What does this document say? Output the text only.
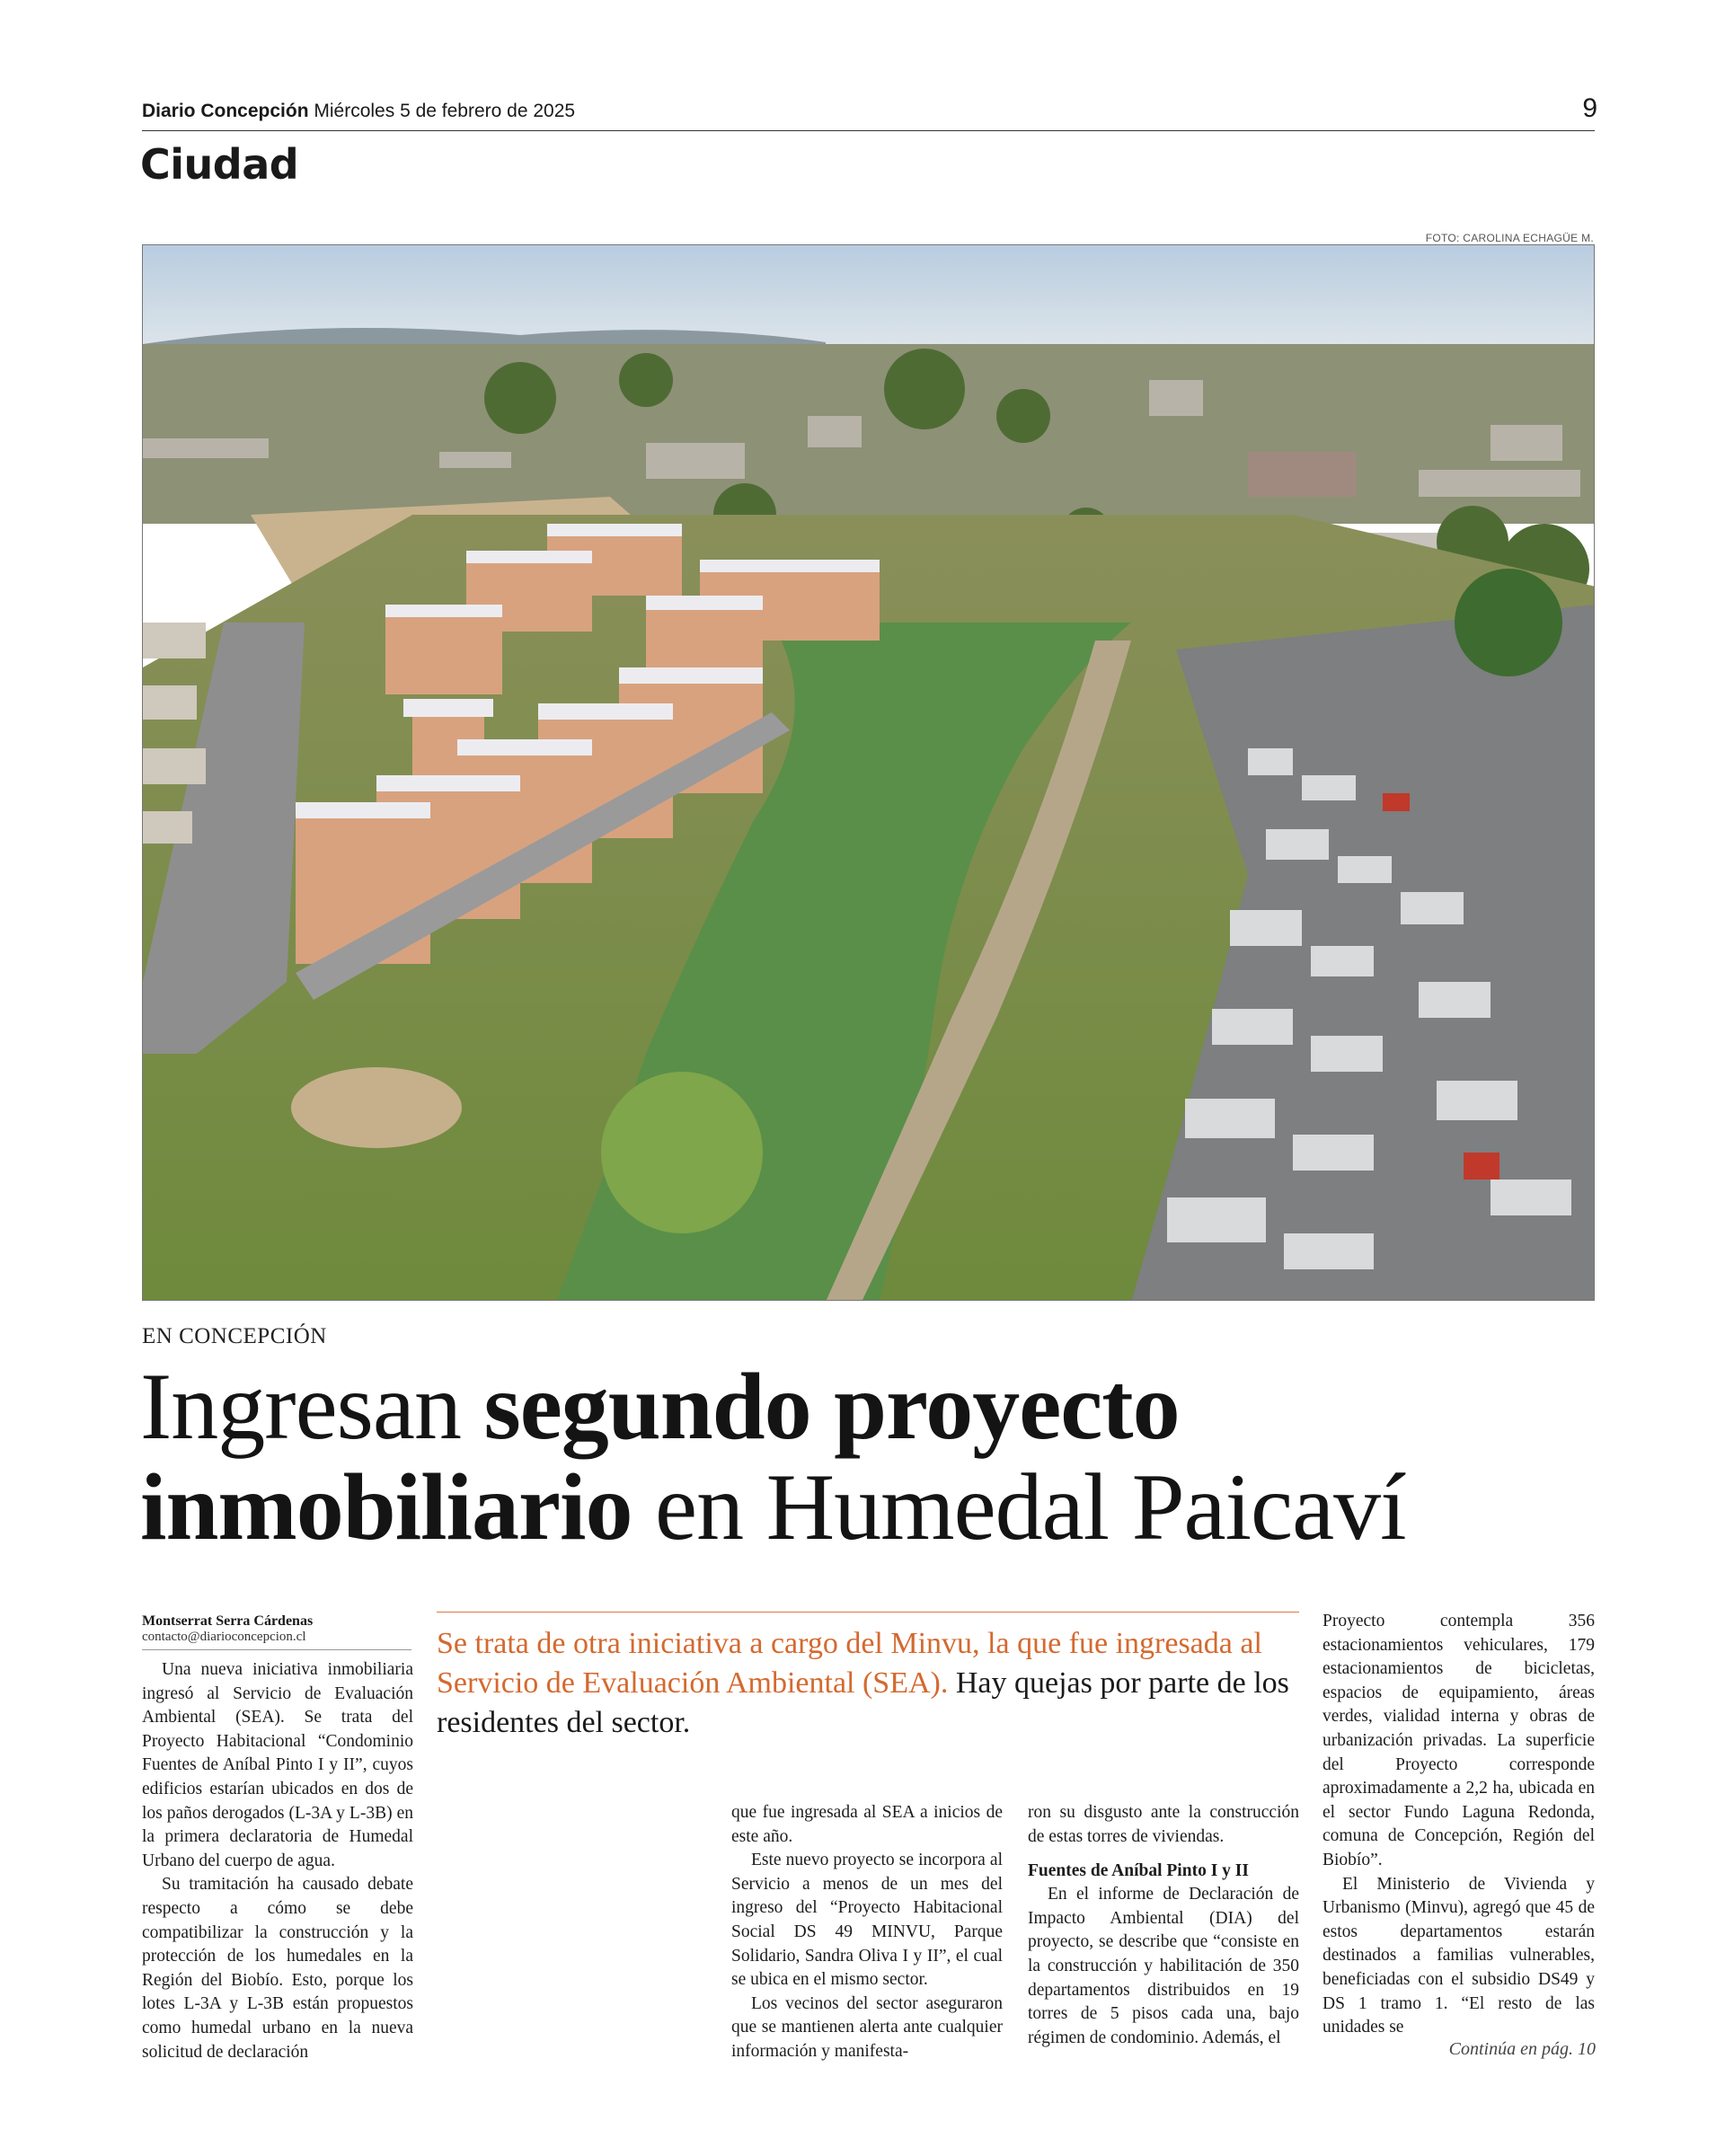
Diario Concepción Miércoles 5 de febrero de 2025	9
Ciudad
FOTO: CAROLINA ECHAGÜE M.
EN CONCEPCIÓN
Ingresan segundo proyecto
inmobiliario en Humedal Paicaví
Montserrat Serra Cárdenas
contacto@diarioconcepcion.cl

Una nueva iniciativa inmobiliaria ingresó al Servicio de Evaluación Ambiental (SEA). Se trata del Proyecto Habitacional “Condominio Fuentes de Aníbal Pinto I y II”, cuyos edificios estarían ubicados en dos de los paños derogados (L-3A y L-3B) en la primera declaratoria de Humedal Urbano del cuerpo de agua.

Su tramitación ha causado debate respecto a cómo se debe compatibilizar la construcción y la protección de los humedales en la Región del Biobío. Esto, porque los lotes L-3A y L-3B están propuestos como humedal urbano en la nueva solicitud de declaración

Se trata de otra iniciativa a cargo del Minvu, la que fue ingresada al Servicio de Evaluación Ambiental (SEA). Hay quejas por parte de los residentes del sector.

que fue ingresada al SEA a inicios de este año.

Este nuevo proyecto se incorpora al Servicio a menos de un mes del ingreso del “Proyecto Habitacional Social DS 49 MINVU, Parque Solidario, Sandra Oliva I y II”, el cual se ubica en el mismo sector.

Los vecinos del sector aseguraron que se mantienen alerta ante cualquier información y manifesta-

ron su disgusto ante la construcción de estas torres de viviendas.

Fuentes de Aníbal Pinto I y II

En el informe de Declaración de Impacto Ambiental (DIA) del proyecto, se describe que “consiste en la construcción y habilitación de 350 departamentos distribuidos en 19 torres de 5 pisos cada una, bajo régimen de condominio. Además, el

Proyecto contempla 356 estacionamientos vehiculares, 179 estacionamientos de bicicletas, espacios de equipamiento, áreas verdes, vialidad interna y obras de urbanización privadas. La superficie del Proyecto corresponde aproximadamente a 2,2 ha, ubicada en el sector Fundo Laguna Redonda, comuna de Concepción, Región del Biobío”.

El Ministerio de Vivienda y Urbanismo (Minvu), agregó que 45 de estos departamentos estarán destinados a familias vulnerables, beneficiadas con el subsidio DS49 y DS 1 tramo 1. “El resto de las unidades se

Continúa en pág. 10
